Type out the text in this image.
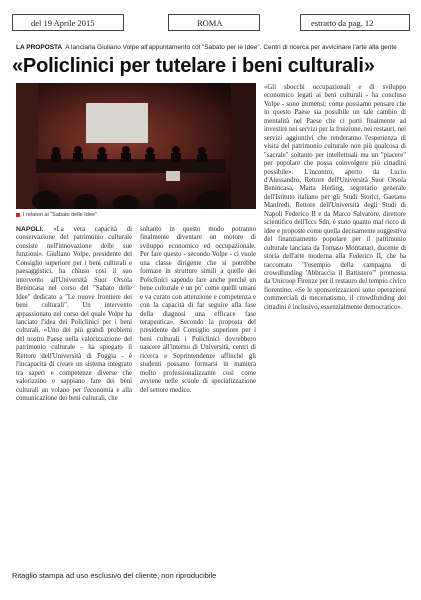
del 19 Aprile 2015	ROMA	estratto da pag. 12
LA PROPOSTA A lanciarla Giuliano Volpe all'appuntamento col "Sabato per le Idee". Centri di ricerca per avvicinare l'arte alla gente
«Policlinici per tutelare i beni culturali»
I relatori al "Sabato delle Idee"

NAPOLI. «La vera capacità di conservazione del patrimonio culturale consiste nell'innovazione delle sue funzioni». Giuliano Volpe, presidente del Consiglio superiore per i beni culturali e paesaggistici, ha chiuso così il suo intervento all'Università Suor Orsola Benincasa nel corso del "Sabato delle Idee" dedicato a "Le nuove frontiere dei beni culturali". Un intervento appassionato nel corso del quale Volpe ha lanciato l'idea dei Policlinici per i beni culturali. «Uno dei più grandi problemi del nostro Paese nella valorizzazione del patrimonio culturale - ha spiegato il Rettore dell'Università di Foggia - è l'incapacità di creare un sistema integrato tra saperi e competenze diverse che valorizzino e sappiano fare dei beni culturali un volano per l'economia e alla comunicazione dei beni culturali, che

soltanto in questo modo potranno finalmente diventare un motore di sviluppo economico ed occupazionale. Per fare questo - secondo Volpe - ci vuole una classe dirigente che si potrebbe formare in strutture simili a quelle dei Policlinici sapendo fare anche perché un bene culturale è un po' come quelli umani e va curato con attenzione e competenza e con la capacità di far seguire alla fase della diagnosi una efficace fase terapeutica». Secondo la proposta del presidente del Consiglio superiore per i beni culturali i Policlinici dovrebbero nascere all'interno di Università, centri di ricerca e Soprintendenze affinché gli studenti possano formarsi in maniera molto professionalizzante così come avviene nelle scuole di specializzazione del settore medico.

«Gli sbocchi occupazionali e di sviluppo economico legati ai beni culturali - ha concluso Volpe - sono immensi: come possiamo pensare che in questo Paese sia possibile un tale cambio di mentalità nel Paese che ci porti finalmente ad investire nei servizi per la fruizione, nei restauri, nei servizi aggiuntivi che renderanno l'esperienza di visita del patrimonio culturale non più qualcosa di "sacrale" soltanto per intellettuali ma un "piacere" per popolare che possa coinvolgere più cittadini possibile». L'incontro, aperto da Lucio d'Alessandro, Rettore dell'Università Suor Orsola Benincasa, Marta Herling, segretario generale dell'Istituto italiano per gli Studi Storici, Gaetano Manfredi, Rettore dell'Università degli Studi di Napoli Federico II e da Marco Salvatore, direttore scientifico dell'Iccs Sdn, è stato quanto mai ricco di idee e proposte come quella decisamente suggestiva del finanziamento popolare per il patrimonio culturale lanciata da Tomaso Montanari, docente di storia dell'arte moderna alla Federico II, che ha raccontato "l'esempio della campagna di crowdfunding 'Abbraccia il Battistero'" promossa da Unicoop Firenze per il restauro del tempio civico fiorentino. «Se le sponsorizzazioni sono operazioni commerciali di mecenatismo, il crowdfunding dei cittadini è inclusivo, essenzialmente democratico».

Ritaglio stampa ad uso esclusivo del cliente, non riproducibile
